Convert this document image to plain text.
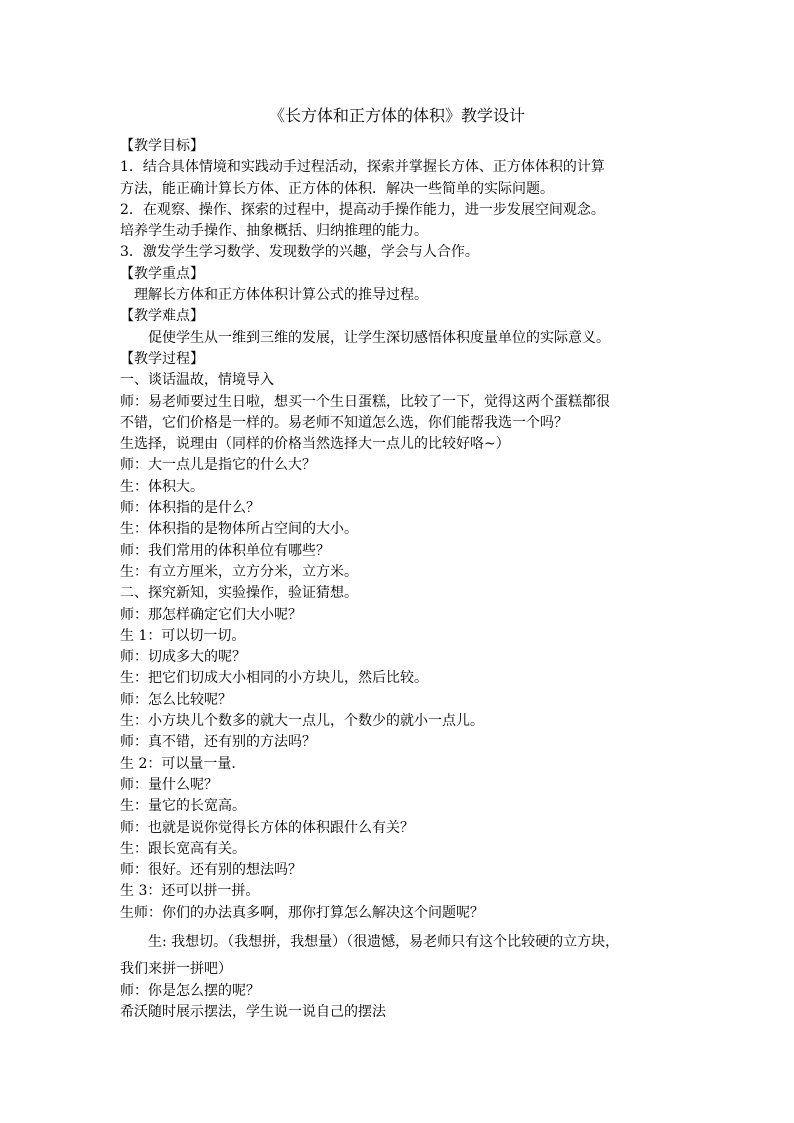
《长方体和正方体的体积》教学设计
【教学目标】
1．结合具体情境和实践动手过程活动，探索并掌握长方体、正方体体积的计算
方法，能正确计算长方体、正方体的体积．解决一些简单的实际问题。
2．在观察、操作、探索的过程中，提高动手操作能力，进一步发展空间观念。
培养学生动手操作、抽象概括、归纳推理的能力。
3．激发学生学习数学、发现数学的兴趣，学会与人合作。
【教学重点】
理解长方体和正方体体积计算公式的推导过程。
【教学难点】
促使学生从一维到三维的发展，让学生深切感悟体积度量单位的实际意义。
【教学过程】
一、谈话温故，情境导入
师：易老师要过生日啦，想买一个生日蛋糕，比较了一下，觉得这两个蛋糕都很
不错，它们价格是一样的。易老师不知道怎么选，你们能帮我选一个吗？
生选择，说理由（同样的价格当然选择大一点儿的比较好咯~）
师：大一点儿是指它的什么大？
生：体积大。
师：体积指的是什么？
生：体积指的是物体所占空间的大小。
师：我们常用的体积单位有哪些？
生：有立方厘米，立方分米，立方米。
二、探究新知，实验操作，验证猜想。
师：那怎样确定它们大小呢？
生 1：可以切一切。
师：切成多大的呢？
生：把它们切成大小相同的小方块儿，然后比较。
师：怎么比较呢？
生：小方块儿个数多的就大一点儿，个数少的就小一点儿。
师：真不错，还有别的方法吗？
生 2：可以量一量.
师：量什么呢？
生：量它的长宽高。
师：也就是说你觉得长方体的体积跟什么有关？
生：跟长宽高有关。
师：很好。还有别的想法吗？
生 3：还可以拼一拼。
生师：你们的办法真多啊，那你打算怎么解决这个问题呢？
生: 我想切。（我想拼，我想量）（很遗憾，易老师只有这个比较硬的立方块，
我们来拼一拼吧）
师：你是怎么摆的呢？
希沃随时展示摆法，学生说一说自己的摆法
